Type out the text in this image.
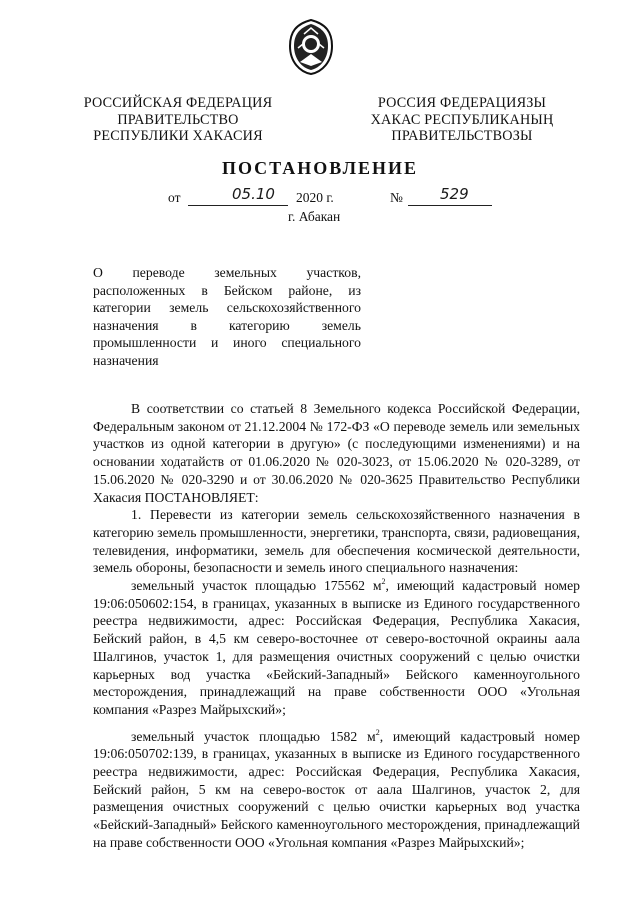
РОССИЙСКАЯ ФЕДЕРАЦИЯ
ПРАВИТЕЛЬСТВО
РЕСПУБЛИКИ ХАКАСИЯ
РОССИЯ ФЕДЕРАЦИЯЗЫ
ХАКАС РЕСПУБЛИКАНЫҢ
ПРАВИТЕЛЬСТВОЗЫ
ПОСТАНОВЛЕНИЕ
от	05.10 2020 г.	№ 529
г. Абакан
О переводе земельных участков,
расположенных в Бейском районе, из
категории земель сельскохозяйственного
назначения в категорию земель
промышленности и иного специального
назначения

В соответствии со статьей 8 Земельного кодекса Российской Федерации, Федеральным законом от 21.12.2004 № 172-ФЗ «О переводе земель или земельных участков из одной категории в другую» (с последующими изменениями) и на основании ходатайств от 01.06.2020 № 020-3023, от 15.06.2020 № 020-3289, от 15.06.2020 № 020-3290 и от 30.06.2020 № 020-3625 Правительство Республики Хакасия ПОСТАНОВЛЯЕТ:

1. Перевести из категории земель сельскохозяйственного назначения в категорию земель промышленности, энергетики, транспорта, связи, радиовещания, телевидения, информатики, земель для обеспечения космической деятельности, земель обороны, безопасности и земель иного специального назначения:

земельный участок площадью 175562 $м^2$, имеющий кадастровый номер 19:06:050602:154, в границах, указанных в выписке из Единого государственного реестра недвижимости, адрес: Российская Федерация, Республика Хакасия, Бейский район, в 4,5 км северо-восточнее от северо-восточной окраины аала Шалгинов, участок 1, для размещения очистных сооружений с целью очистки карьерных вод участка «Бейский-Западный» Бейского каменноугольного месторождения, принадлежащий на праве собственности ООО «Угольная компания «Разрез Майрыхский»;

земельный участок площадью 1582 $м^2$, имеющий кадастровый номер 19:06:050702:139, в границах, указанных в выписке из Единого государственного реестра недвижимости, адрес: Российская Федерация, Республика Хакасия, Бейский район, 5 км на северо-восток от аала Шалгинов, участок 2, для размещения очистных сооружений с целью очистки карьерных вод участка «Бейский-Западный» Бейского каменноугольного месторождения, принадлежащий на праве собственности ООО «Угольная компания «Разрез Майрыхский»;
